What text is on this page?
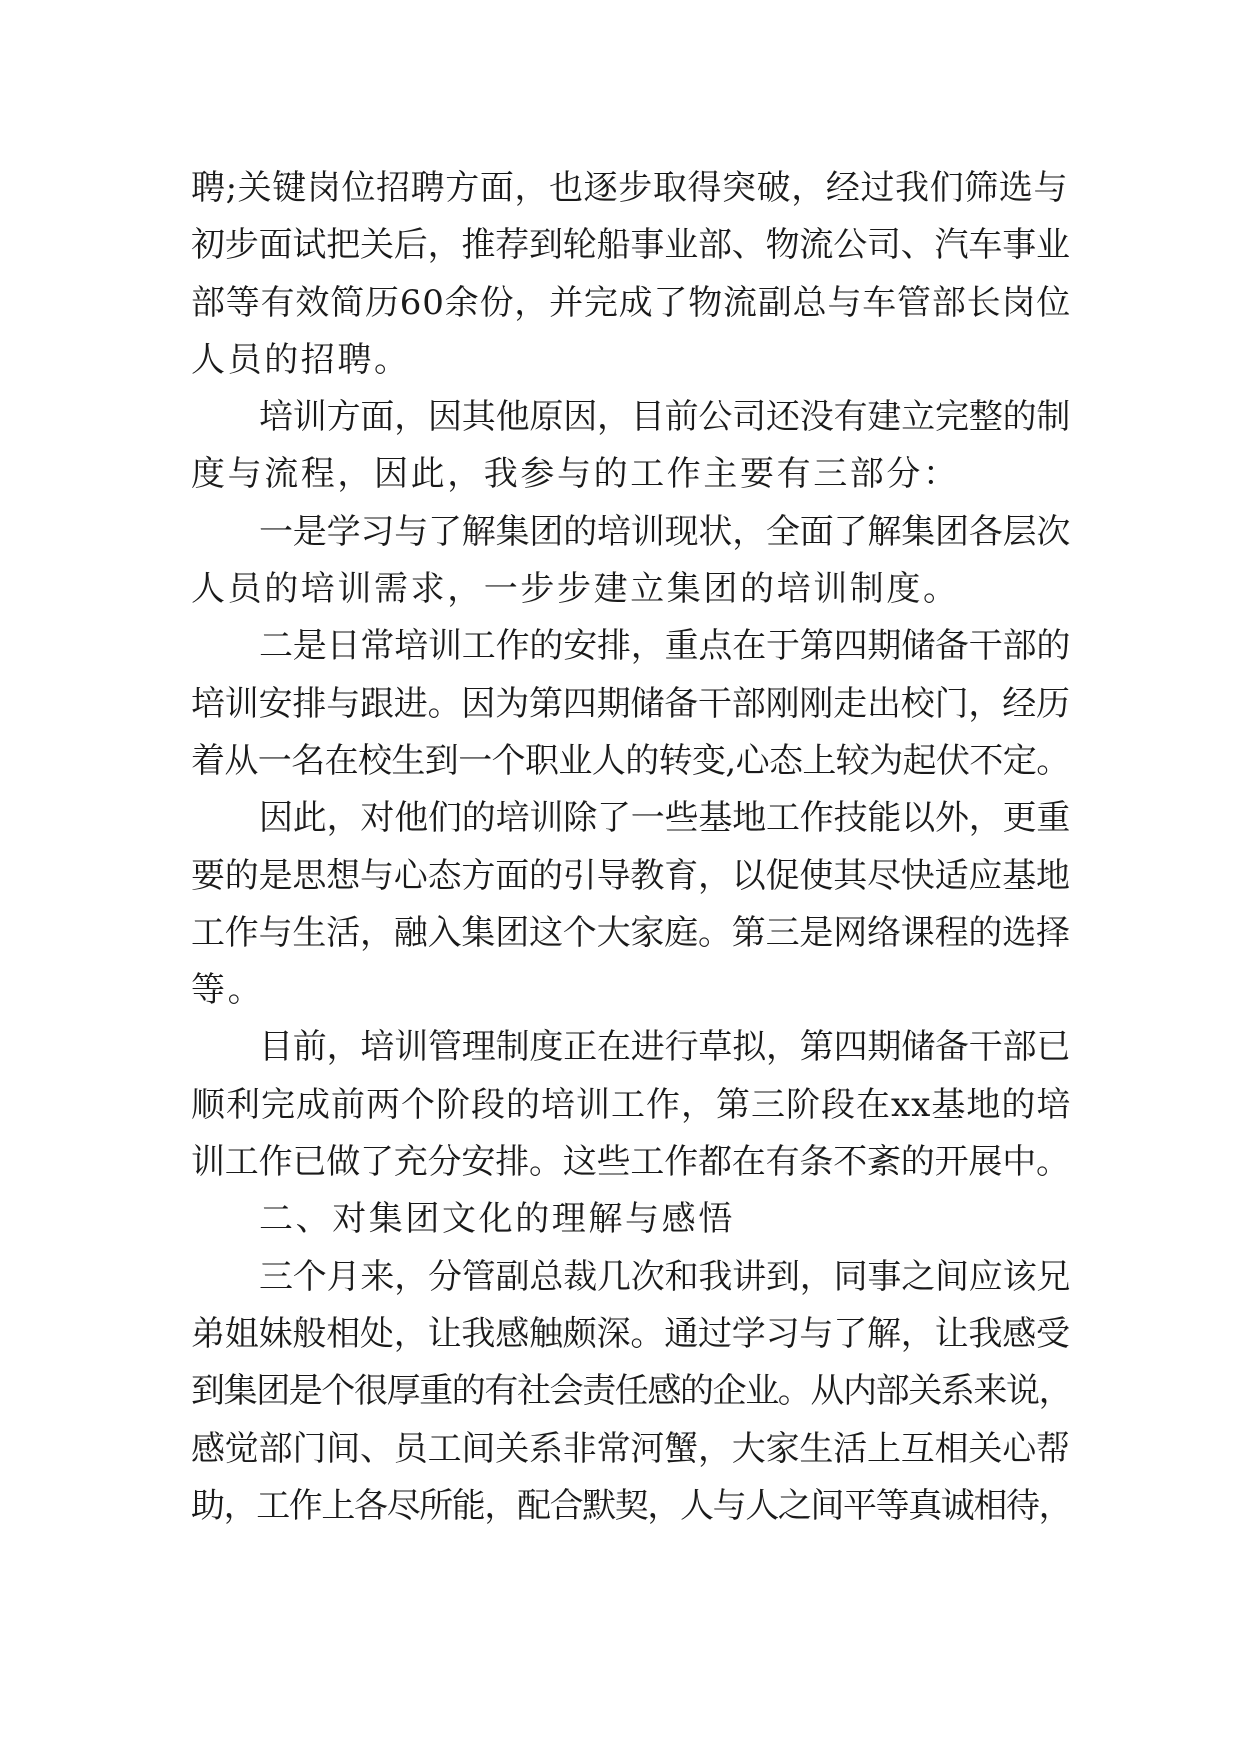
聘;关键岗位招聘方面，也逐步取得突破，经过我们筛选与
初步面试把关后，推荐到轮船事业部、物流公司、汽车事业
部等有效简历60余份，并完成了物流副总与车管部长岗位
人员的招聘。
培训方面，因其他原因，目前公司还没有建立完整的制
度与流程，因此，我参与的工作主要有三部分：
一是学习与了解集团的培训现状，全面了解集团各层次
人员的培训需求，一步步建立集团的培训制度。
二是日常培训工作的安排，重点在于第四期储备干部的
培训安排与跟进。因为第四期储备干部刚刚走出校门，经历
着从一名在校生到一个职业人的转变,心态上较为起伏不定。
因此，对他们的培训除了一些基地工作技能以外，更重
要的是思想与心态方面的引导教育，以促使其尽快适应基地
工作与生活，融入集团这个大家庭。第三是网络课程的选择
等。
目前，培训管理制度正在进行草拟，第四期储备干部已
顺利完成前两个阶段的培训工作，第三阶段在xx基地的培
训工作已做了充分安排。这些工作都在有条不紊的开展中。
二、对集团文化的理解与感悟
三个月来，分管副总裁几次和我讲到，同事之间应该兄
弟姐妹般相处，让我感触颇深。通过学习与了解，让我感受
到集团是个很厚重的有社会责任感的企业。从内部关系来说，
感觉部门间、员工间关系非常河蟹，大家生活上互相关心帮
助，工作上各尽所能，配合默契，人与人之间平等真诚相待，
